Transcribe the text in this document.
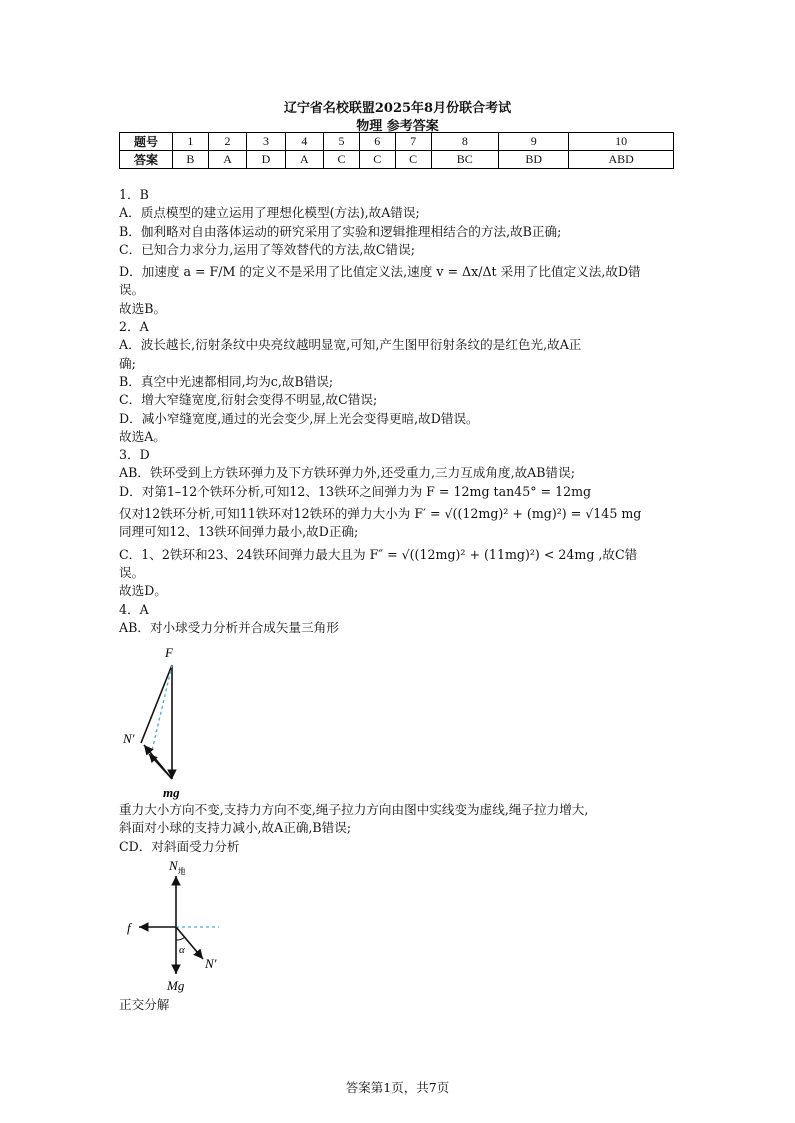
辽宁省名校联盟2025年8月份联合考试
物理 参考答案
题号	1	2	3	4	5	6	7	8	9	10
答案	B	A	D	A	C	C	C	BC	BD	ABD
1．B
A．质点模型的建立运用了理想化模型(方法),故A错误;
B．伽利略对自由落体运动的研究采用了实验和逻辑推理相结合的方法,故B正确;
C．已知合力求分力,运用了等效替代的方法,故C错误;
D．加速度 a = F/M 的定义不是采用了比值定义法,速度 v = Δx/Δt 采用了比值定义法,故D错
误。
故选B。
2．A
A．波长越长,衍射条纹中央亮纹越明显宽,可知,产生图甲衍射条纹的是红色光,故A正
确;
B．真空中光速都相同,均为c,故B错误;
C．增大窄缝宽度,衍射会变得不明显,故C错误;
D．减小窄缝宽度,通过的光会变少,屏上光会变得更暗,故D错误。
故选A。
3．D
AB．铁环受到上方铁环弹力及下方铁环弹力外,还受重力,三力互成角度,故AB错误;
D．对第1–12个铁环分析,可知12、13铁环之间弹力为 F = 12mg tan45° = 12mg
仅对12铁环分析,可知11铁环对12铁环的弹力大小为 F′ = √((12mg)² + (mg)²) = √145 mg
同理可知12、13铁环间弹力最小,故D正确;
C．1、2铁环和23、24铁环间弹力最大且为 F″ = √((12mg)² + (11mg)²) < 24mg ,故C错
误。
故选D。
4．A
AB．对小球受力分析并合成矢量三角形
F
N′
mg
重力大小方向不变,支持力方向不变,绳子拉力方向由图中实线变为虚线,绳子拉力增大,
斜面对小球的支持力减小,故A正确,B错误;
CD．对斜面受力分析
$N_地$
f
α
N′
Mg
正交分解
答案第1页，共7页
